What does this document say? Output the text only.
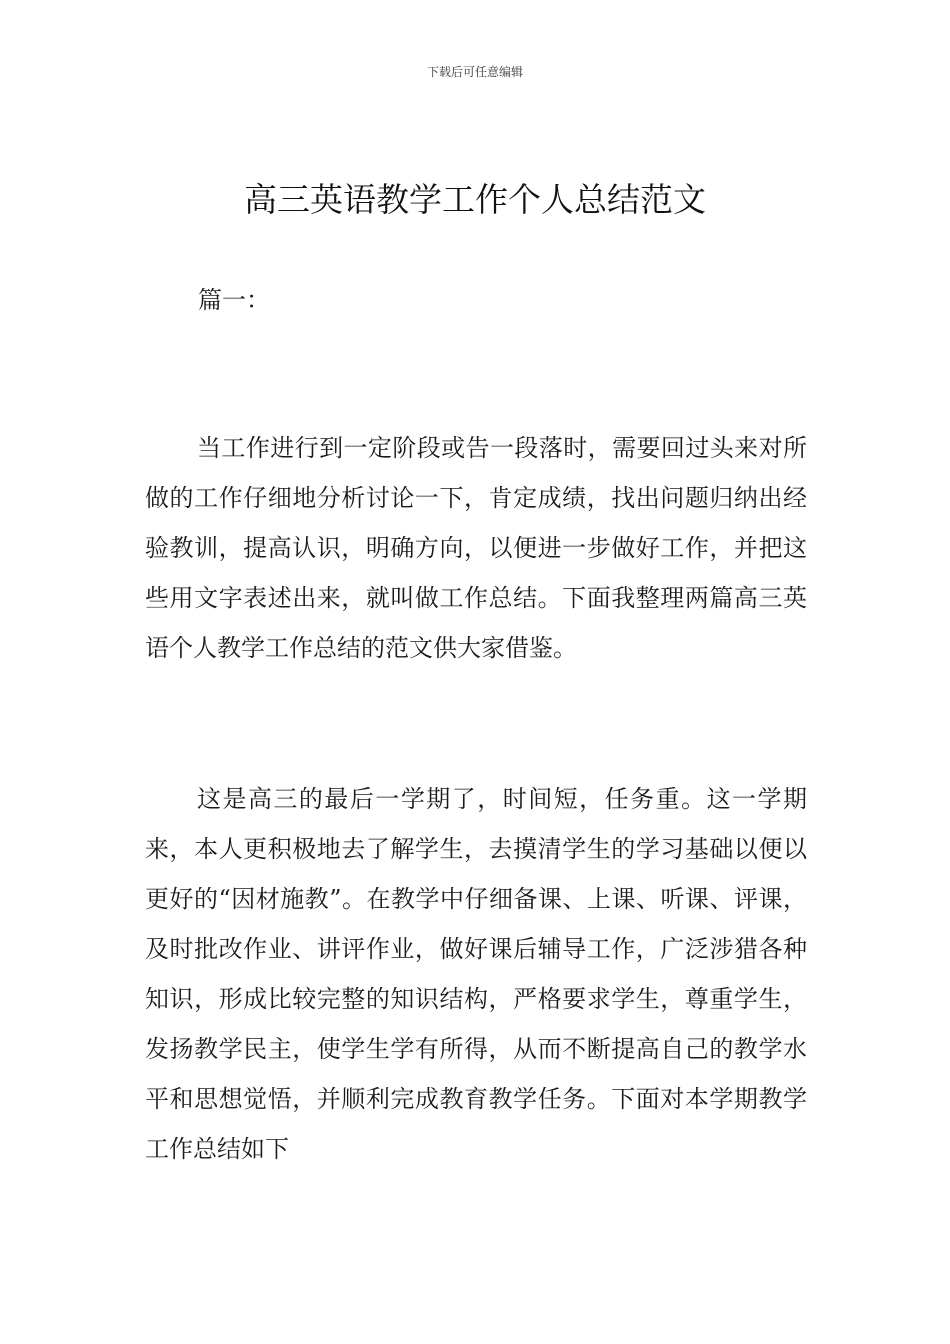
下载后可任意编辑
高三英语教学工作个人总结范文
篇一：

当工作进行到一定阶段或告一段落时，需要回过头来对所做的工作仔细地分析讨论一下，肯定成绩，找出问题归纳出经验教训，提高认识，明确方向，以便进一步做好工作，并把这些用文字表述出来，就叫做工作总结。下面我整理两篇高三英语个人教学工作总结的范文供大家借鉴。

这是高三的最后一学期了，时间短，任务重。这一学期来，本人更积极地去了解学生，去摸清学生的学习基础以便以更好的“因材施教”。在教学中仔细备课、上课、听课、评课，及时批改作业、讲评作业，做好课后辅导工作，广泛涉猎各种知识，形成比较完整的知识结构，严格要求学生，尊重学生，发扬教学民主，使学生学有所得，从而不断提高自己的教学水平和思想觉悟，并顺利完成教育教学任务。下面对本学期教学工作总结如下
